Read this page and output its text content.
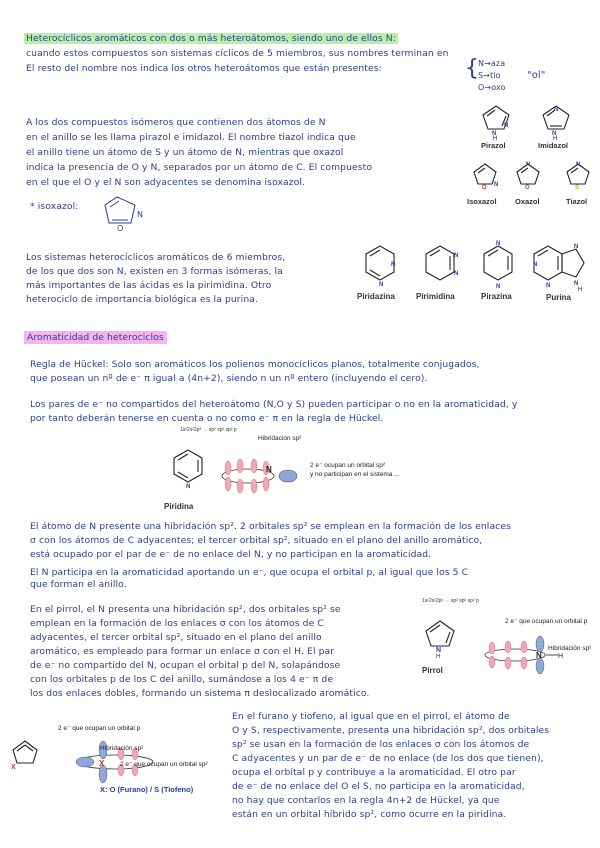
Heterocíclicos aromáticos con dos o más heteroátomos, siendo uno de ellos N:
cuando estos compuestos son sistemas cíclicos de 5 miembros, sus nombres terminan en
El resto del nombre nos indica los otros heteroátomos que están presentes:	{
N→aza
S→tio
O→oxo
"ol"
A los dos compuestos isómeros que contienen dos átomos de N
en el anillo se les llama pirazol e imidazol. El nombre tiazol indica que
el anillo tiene un átomo de S y un átomo de N, mientras que oxazol
indica la presencia de O y N, separados por un átomo de C. El compuesto
en el que el O y el N son adyacentes se denomina isoxazol.
* isoxazol:
O
N
N
N
H
Pirazol
N
N
H
Imidazol
O N
Isoxazol
N
O
Oxazol
N
S
Tiazol
Los sistemas heterocíclicos aromáticos de 6 miembros,
de los que dos son N, existen en 3 formas isómeras, la
más importantes de las ácidas es la pirimidina. Otro
heterociclo de importancia biológica es la purina.
N
N
Piridazina
N
N
Pirimidina
N
N
Pirazina
N
N
N
N
H
Purina
Aromaticidad de heterociclos
Regla de Hückel: Solo son aromáticos los polienos monocíclicos planos, totalmente conjugados,
que posean un nº de e⁻ π igual a (4n+2), siendo n un nº entero (incluyendo el cero).
Los pares de e⁻ no compartidos del heteroátomo (N,O y S) pueden participar o no en la aromaticidad, y
por tanto deberán tenerse en cuenta o no como e⁻ π en la regla de Hückel.
N
Piridina
N
Hibridación sp²
2 e⁻ ocupan un orbital sp²
y no participan en el sistema ...
1s²2s²2p³ → sp² sp² sp² p
El átomo de N presente una hibridación sp². 2 orbitales sp² se emplean en la formación de los enlaces
σ con los átomos de C adyacentes; el tercer orbital sp², situado en el plano del anillo aromático,
está ocupado por el par de e⁻ de no enlace del N, y no participan en la aromaticidad.
El N participa en la aromaticidad aportando un e⁻, que ocupa el orbital p, al igual que los 5 C
que forman el anillo.
En el pirrol, el N presenta una hibridación sp², dos orbitales sp² se
emplean en la formación de los enlaces σ con los átomos de C
adyacentes, el tercer orbital sp², situado en el plano del anillo
aromático, es empleado para formar un enlace σ con el H. El par
de e⁻ no compartido del N, ocupan el orbital p del N, solapándose
con los orbitales p de los C del anillo, sumándose a los 4 e⁻ π de
los dos enlaces dobles, formando un sistema π deslocalizado aromático.
N
H
Pirrol
N H
2 e⁻ que ocupan un orbital p
Hibridación sp²
1s²2s²2p³ → sp² sp² sp² p
X	X
2 e⁻ que ocupan un orbital p
Hibridación sp²
2 e⁻ que ocupan un orbital sp²
X: O (Furano) / S (Tiofeno)
En el furano y tiofeno, al igual que en el pirrol, el átomo de
O y S, respectivamente, presenta una hibridación sp², dos orbitales
sp² se usan en la formación de los enlaces σ con los átomos de
C adyacentes y un par de e⁻ de no enlace (de los dos que tienen),
ocupa el orbital p y contribuye a la aromaticidad. El otro par
de e⁻ de no enlace del O el S, no participa en la aromaticidad,
no hay que contarlos en la regla 4n+2 de Hückel, ya que
están en un orbital híbrido sp², como ocurre en la piridina.
